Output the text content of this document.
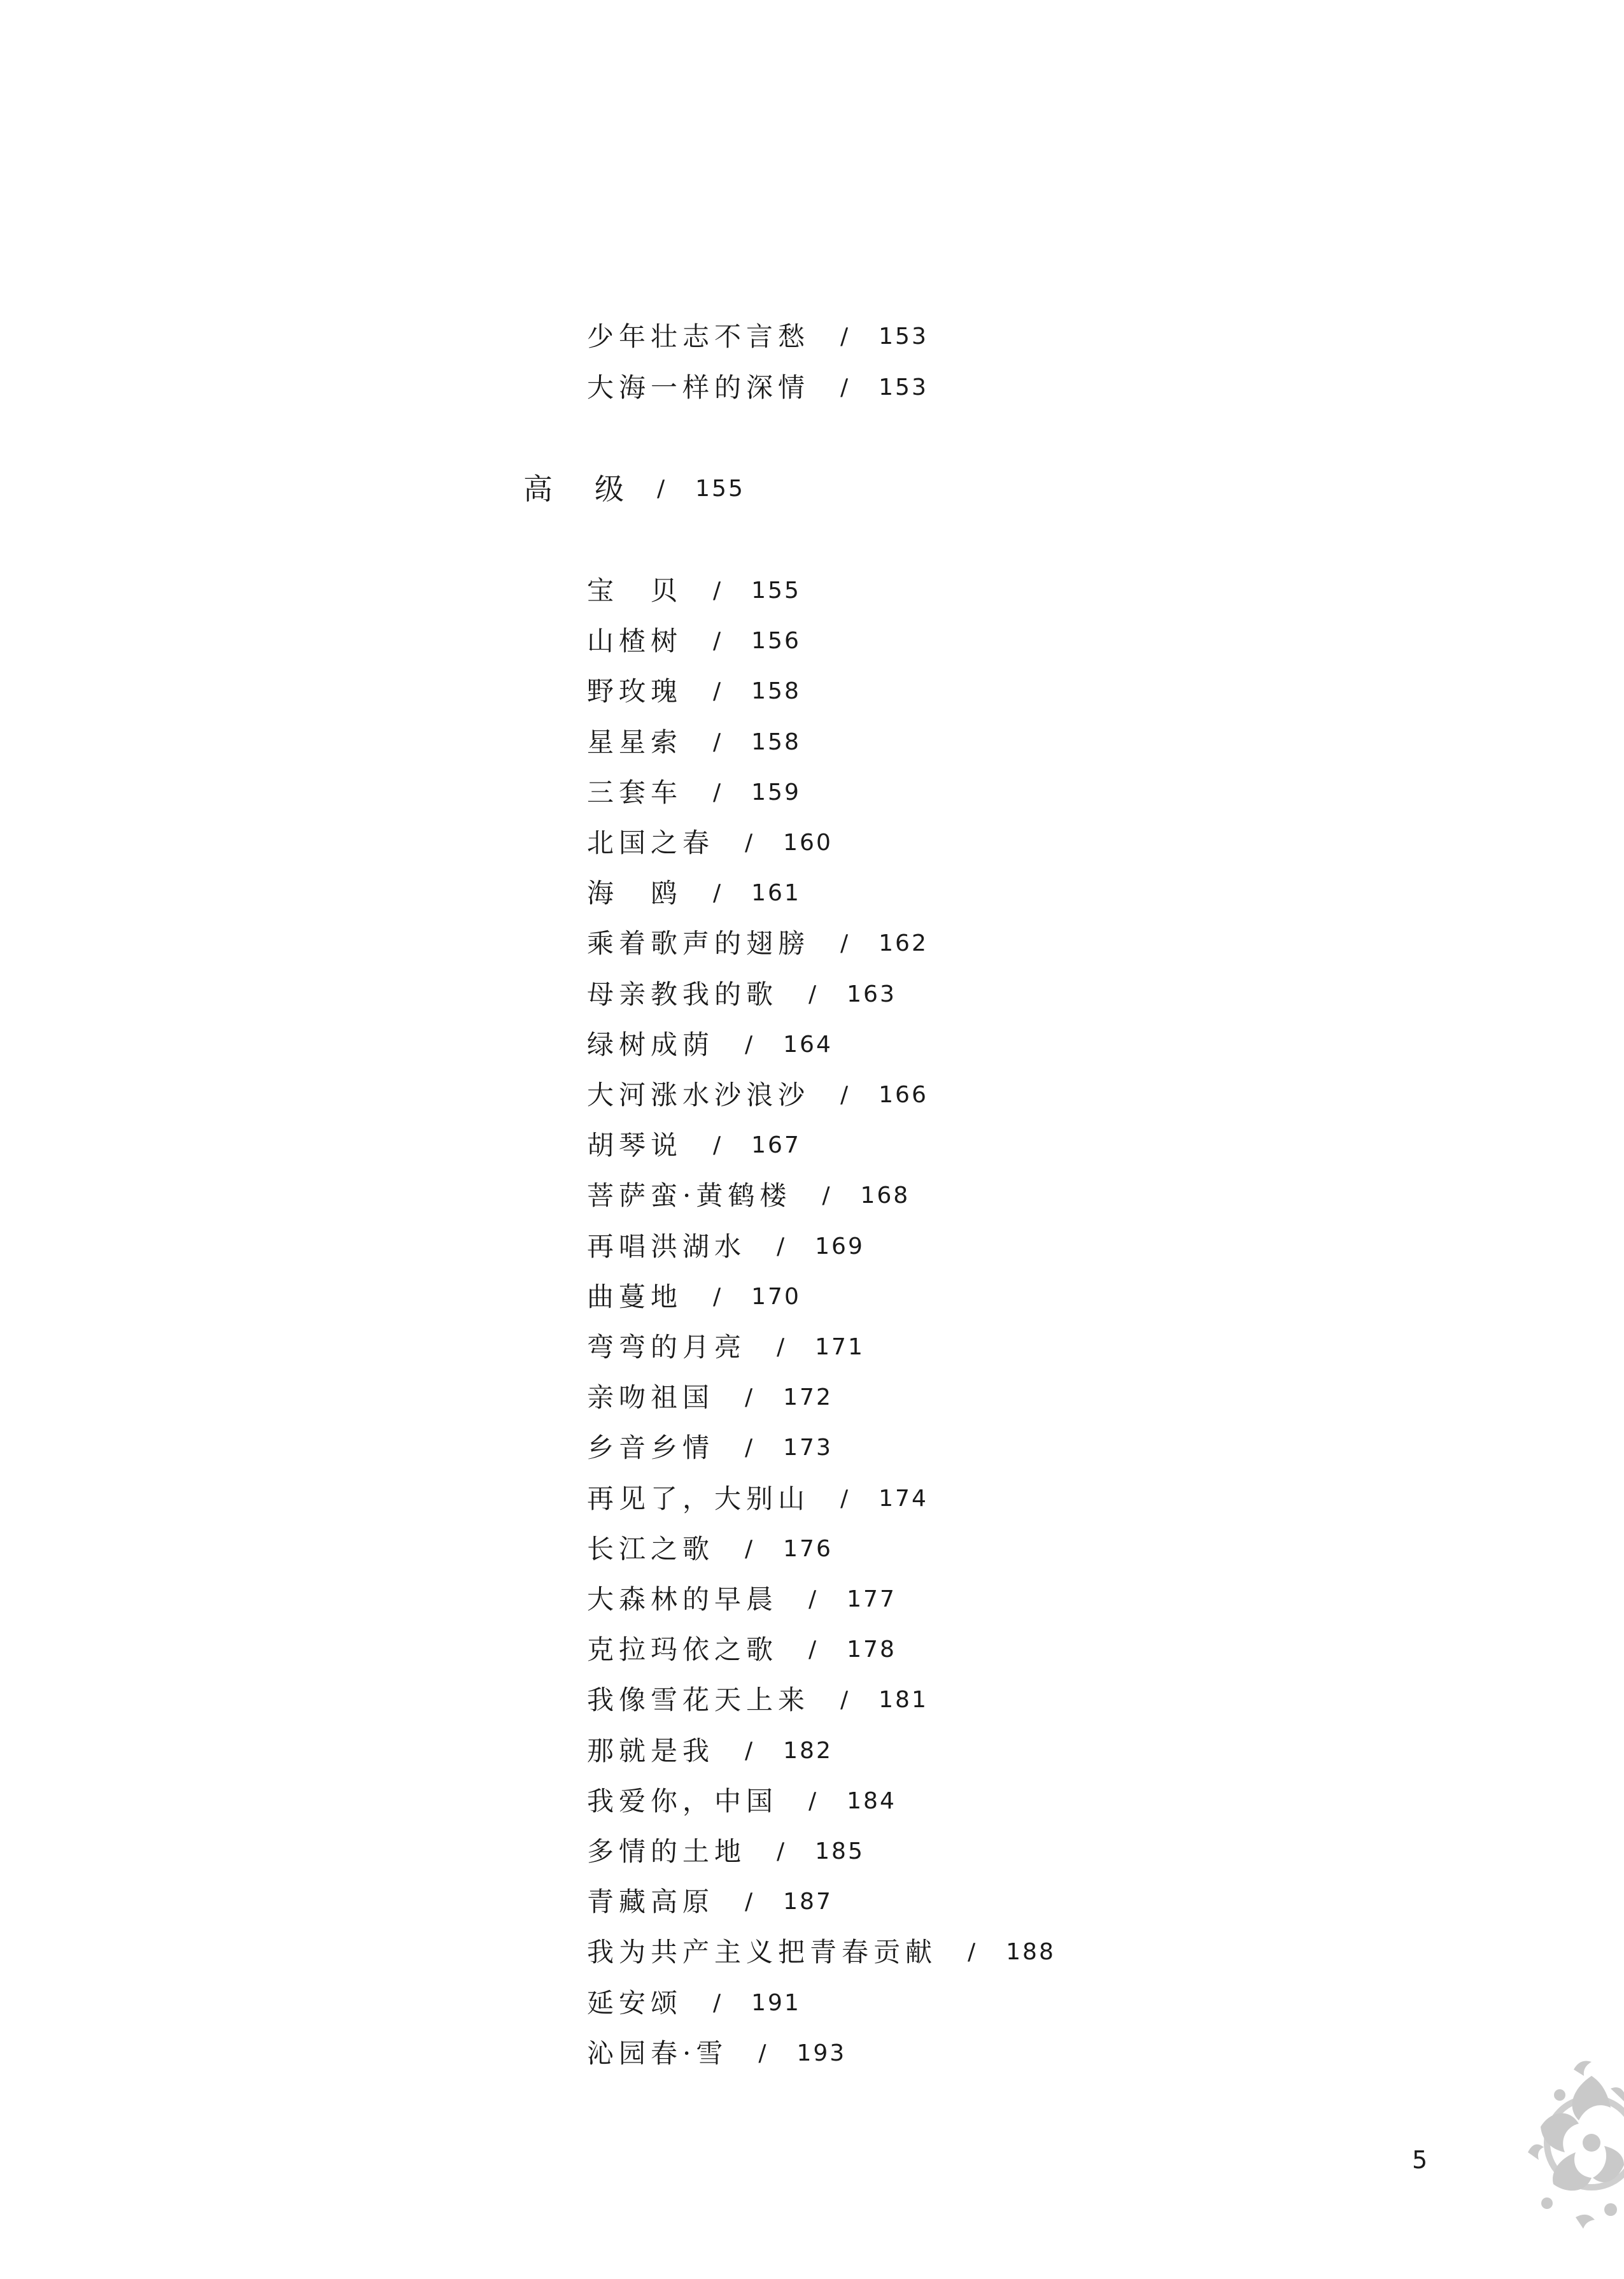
少年壮志不言愁 / 153
大海一样的深情 / 153
高　级 / 155
宝　贝 / 155
山楂树 / 156
野玫瑰 / 158
星星索 / 158
三套车 / 159
北国之春 / 160
海　鸥 / 161
乘着歌声的翅膀 / 162
母亲教我的歌 / 163
绿树成荫 / 164
大河涨水沙浪沙 / 166
胡琴说 / 167
菩萨蛮·黄鹤楼 / 168
再唱洪湖水 / 169
曲蔓地 / 170
弯弯的月亮 / 171
亲吻祖国 / 172
乡音乡情 / 173
再见了，大别山 / 174
长江之歌 / 176
大森林的早晨 / 177
克拉玛依之歌 / 178
我像雪花天上来 / 181
那就是我 / 182
我爱你，中国 / 184
多情的土地 / 185
青藏高原 / 187
我为共产主义把青春贡献 / 188
延安颂 / 191
沁园春·雪 / 193
5
